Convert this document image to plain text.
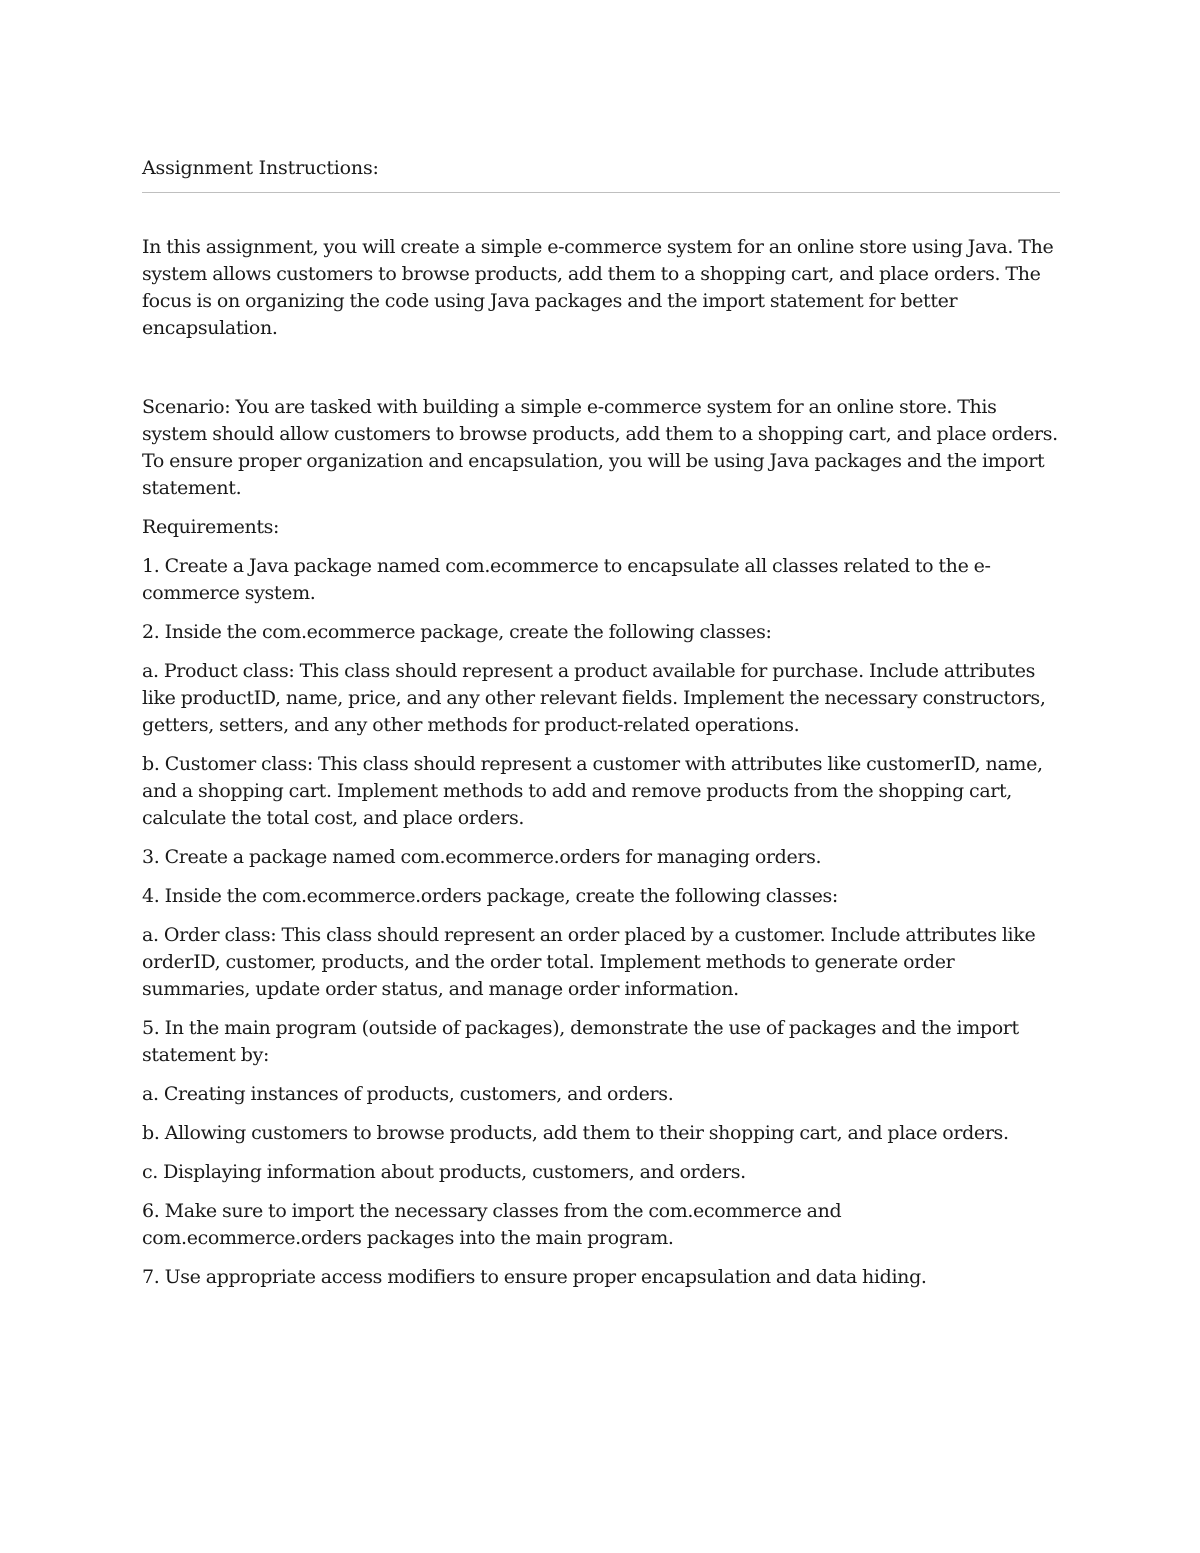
Assignment Instructions:

In this assignment, you will create a simple e-commerce system for an online store using Java. The system allows customers to browse products, add them to a shopping cart, and place orders. The focus is on organizing the code using Java packages and the import statement for better encapsulation.

Scenario: You are tasked with building a simple e-commerce system for an online store. This system should allow customers to browse products, add them to a shopping cart, and place orders. To ensure proper organization and encapsulation, you will be using Java packages and the import statement.

Requirements:

1. Create a Java package named com.ecommerce to encapsulate all classes related to the e-commerce system.

2. Inside the com.ecommerce package, create the following classes:

a. Product class: This class should represent a product available for purchase. Include attributes like productID, name, price, and any other relevant fields. Implement the necessary constructors, getters, setters, and any other methods for product-related operations.

b. Customer class: This class should represent a customer with attributes like customerID, name, and a shopping cart. Implement methods to add and remove products from the shopping cart, calculate the total cost, and place orders.

3. Create a package named com.ecommerce.orders for managing orders.

4. Inside the com.ecommerce.orders package, create the following classes:

a. Order class: This class should represent an order placed by a customer. Include attributes like orderID, customer, products, and the order total. Implement methods to generate order summaries, update order status, and manage order information.

5. In the main program (outside of packages), demonstrate the use of packages and the import statement by:

a. Creating instances of products, customers, and orders.

b. Allowing customers to browse products, add them to their shopping cart, and place orders.

c. Displaying information about products, customers, and orders.

6. Make sure to import the necessary classes from the com.ecommerce and com.ecommerce.orders packages into the main program.

7. Use appropriate access modifiers to ensure proper encapsulation and data hiding.
